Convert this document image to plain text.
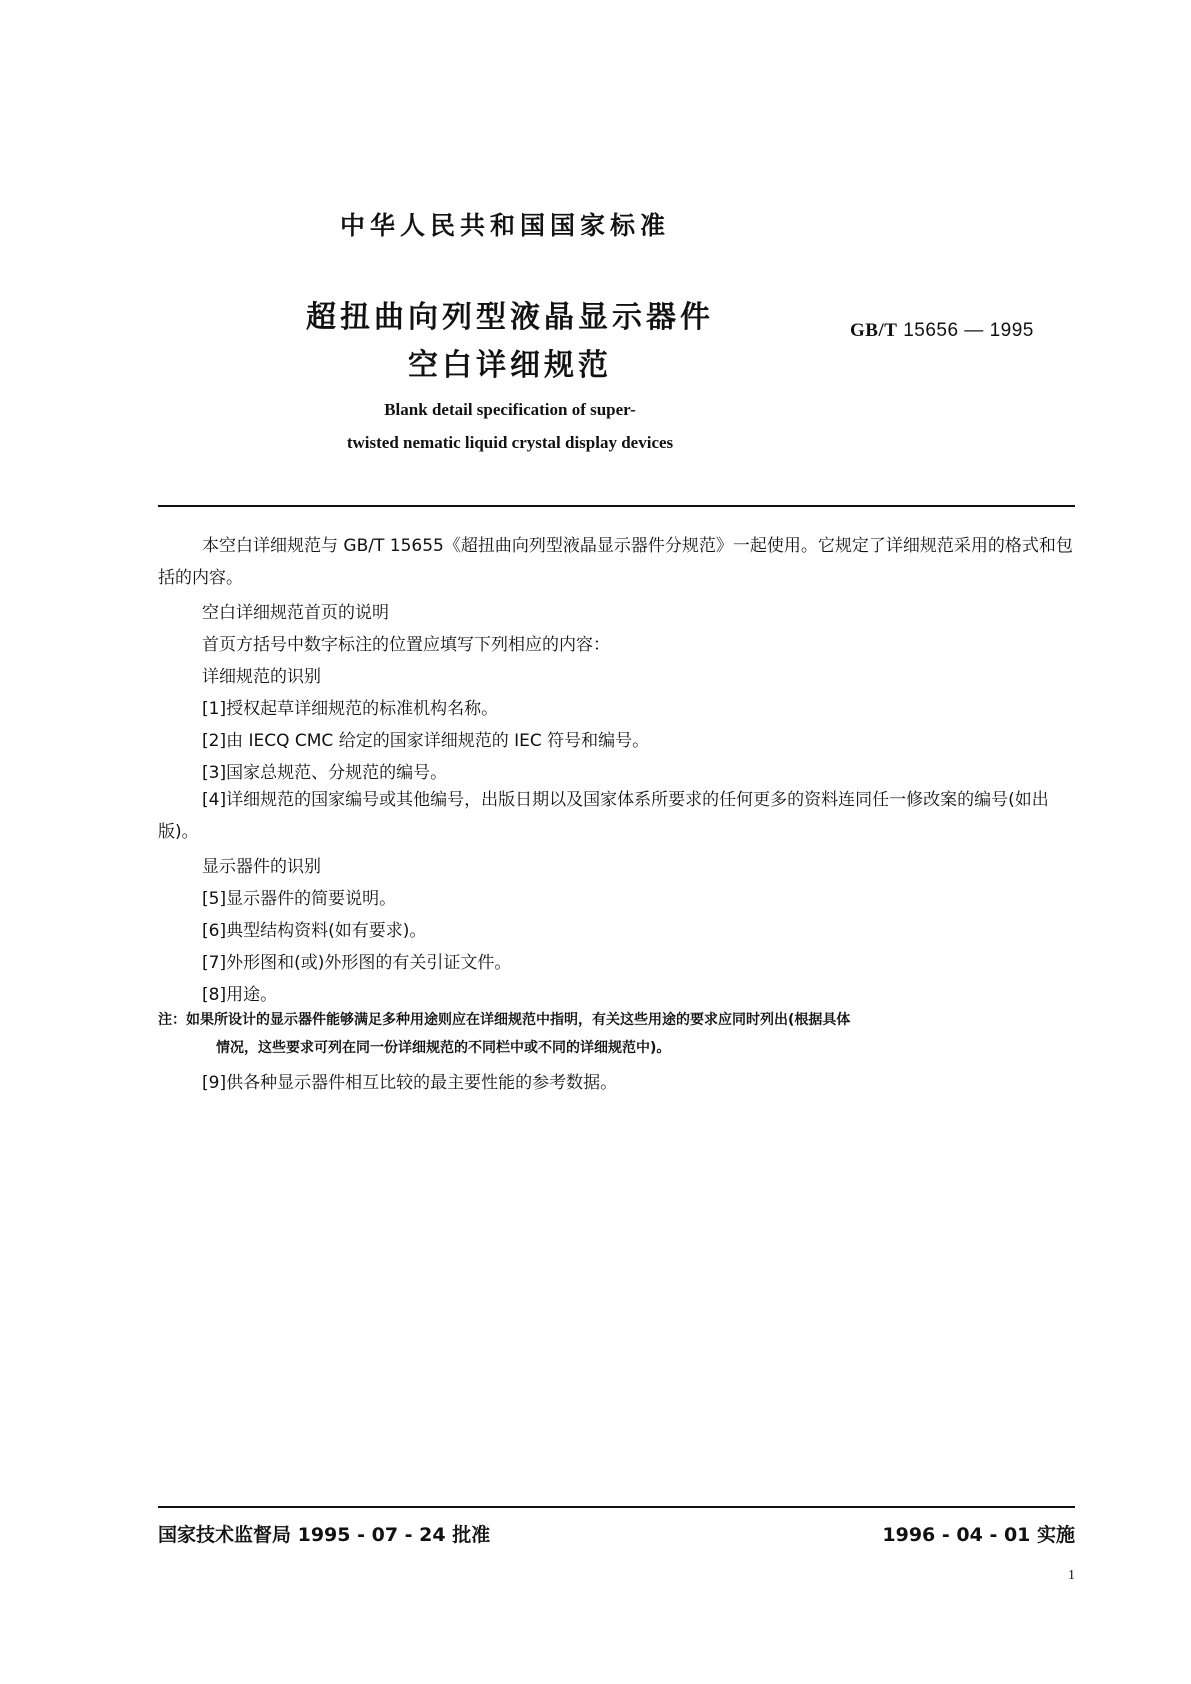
中华人民共和国国家标准
超扭曲向列型液晶显示器件
空白详细规范
GB/T 15656 — 1995
Blank detail specification of super-
twisted nematic liquid crystal display devices
本空白详细规范与 GB/T 15655《超扭曲向列型液晶显示器件分规范》一起使用。它规定了详细规范采用的格式和包括的内容。
空白详细规范首页的说明
首页方括号中数字标注的位置应填写下列相应的内容：
详细规范的识别
[1]授权起草详细规范的标准机构名称。
[2]由 IECQ CMC 给定的国家详细规范的 IEC 符号和编号。
[3]国家总规范、分规范的编号。
[4]详细规范的国家编号或其他编号，出版日期以及国家体系所要求的任何更多的资料连同任一修改案的编号(如出版)。
显示器件的识别
[5]显示器件的简要说明。
[6]典型结构资料(如有要求)。
[7]外形图和(或)外形图的有关引证文件。
[8]用途。
注：如果所设计的显示器件能够满足多种用途则应在详细规范中指明，有关这些用途的要求应同时列出(根据具体
情况，这些要求可列在同一份详细规范的不同栏中或不同的详细规范中)。
[9]供各种显示器件相互比较的最主要性能的参考数据。
国家技术监督局 1995 - 07 - 24 批准	1996 - 04 - 01 实施
1
